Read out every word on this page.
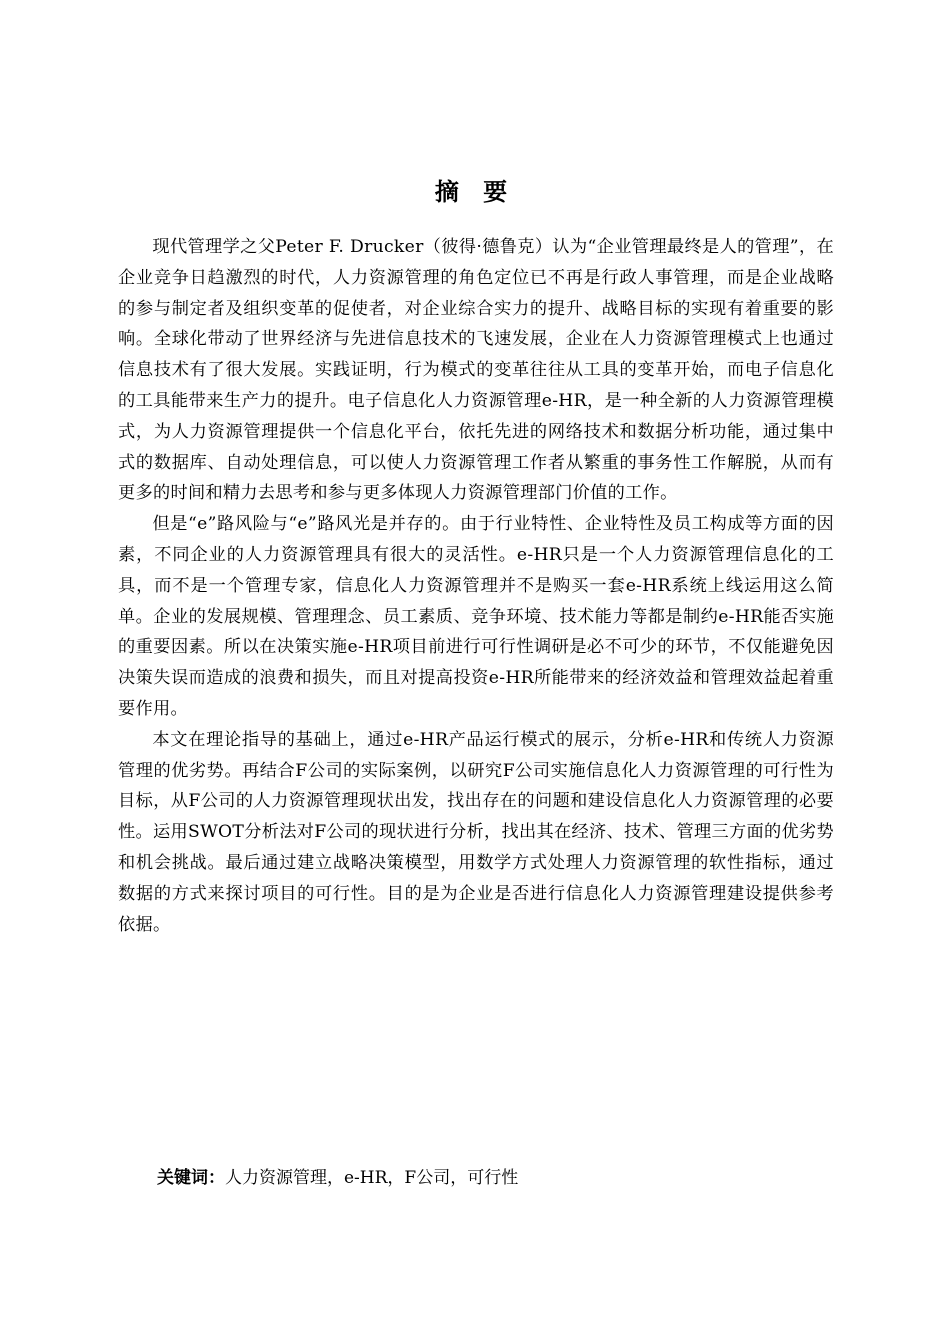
摘 要

现代管理学之父Peter F. Drucker（彼得·德鲁克）认为“企业管理最终是人的管理”，在企业竞争日趋激烈的时代，人力资源管理的角色定位已不再是行政人事管理，而是企业战略的参与制定者及组织变革的促使者，对企业综合实力的提升、战略目标的实现有着重要的影响。全球化带动了世界经济与先进信息技术的飞速发展，企业在人力资源管理模式上也通过信息技术有了很大发展。实践证明，行为模式的变革往往从工具的变革开始，而电子信息化的工具能带来生产力的提升。电子信息化人力资源管理e-HR，是一种全新的人力资源管理模式，为人力资源管理提供一个信息化平台，依托先进的网络技术和数据分析功能，通过集中式的数据库、自动处理信息，可以使人力资源管理工作者从繁重的事务性工作解脱，从而有更多的时间和精力去思考和参与更多体现人力资源管理部门价值的工作。

但是“e”路风险与“e”路风光是并存的。由于行业特性、企业特性及员工构成等方面的因素，不同企业的人力资源管理具有很大的灵活性。e-HR只是一个人力资源管理信息化的工具，而不是一个管理专家，信息化人力资源管理并不是购买一套e-HR系统上线运用这么简单。企业的发展规模、管理理念、员工素质、竞争环境、技术能力等都是制约e-HR能否实施的重要因素。所以在决策实施e-HR项目前进行可行性调研是必不可少的环节，不仅能避免因决策失误而造成的浪费和损失，而且对提高投资e-HR所能带来的经济效益和管理效益起着重要作用。

本文在理论指导的基础上，通过e-HR产品运行模式的展示，分析e-HR和传统人力资源管理的优劣势。再结合F公司的实际案例，以研究F公司实施信息化人力资源管理的可行性为目标，从F公司的人力资源管理现状出发，找出存在的问题和建设信息化人力资源管理的必要性。运用SWOT分析法对F公司的现状进行分析，找出其在经济、技术、管理三方面的优劣势和机会挑战。最后通过建立战略决策模型，用数学方式处理人力资源管理的软性指标，通过数据的方式来探讨项目的可行性。目的是为企业是否进行信息化人力资源管理建设提供参考依据。

关键词：人力资源管理，e-HR，F公司，可行性
